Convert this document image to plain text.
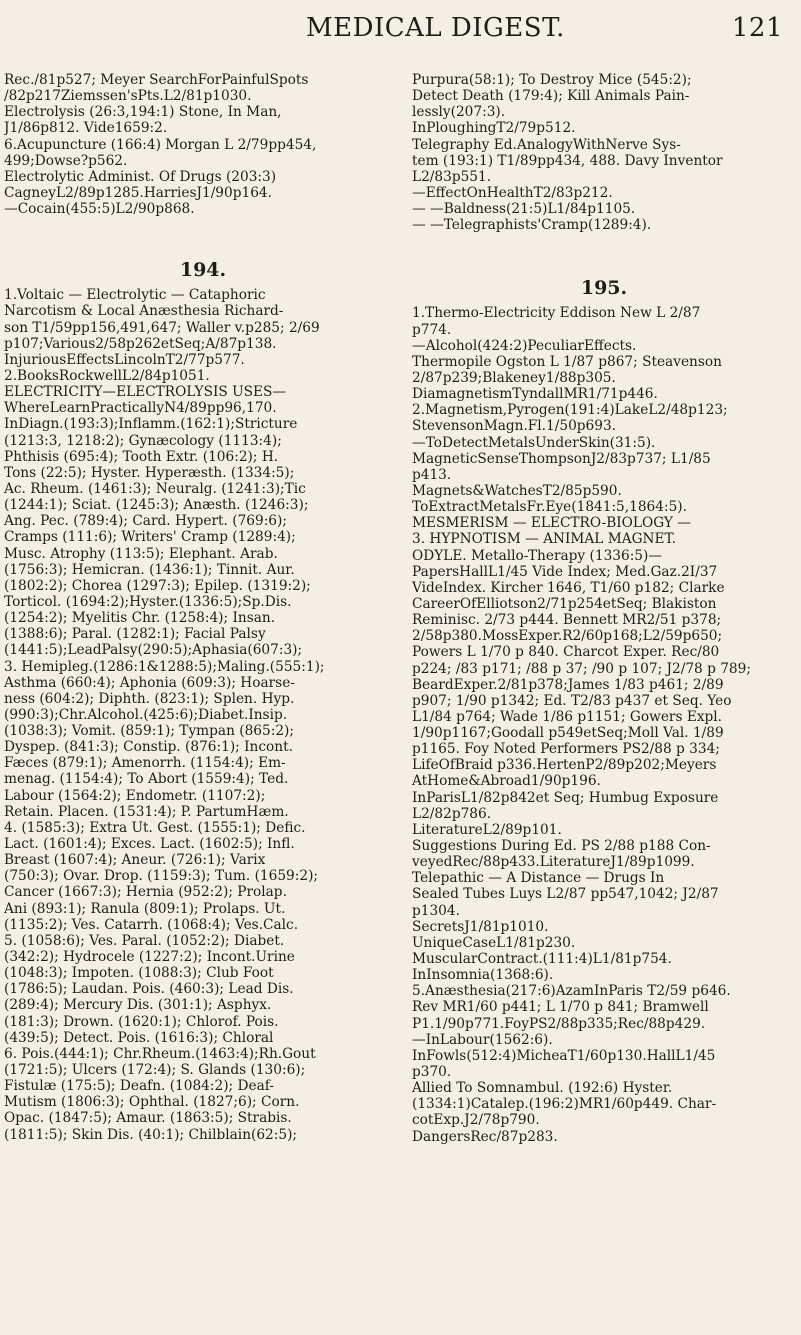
MEDICAL DIGEST.	121
Rec./81p527; Meyer SearchForPainfulSpots
/82p217Ziemssen'sPts.L2/81p1030.
Electrolysis (26:3,194:1) Stone, In Man,
J1/86p812. Vide1659:2.
6.Acupuncture (166:4) Morgan L 2/79pp454,
499;Dowse?p562.
Electrolytic Administ. Of Drugs (203:3)
CagneyL2/89p1285.HarriesJ1/90p164.
—Cocain(455:5)L2/90p868.
194.
1.Voltaic — Electrolytic — Cataphoric
Narcotism & Local Anæsthesia Richard-
son T1/59pp156,491,647; Waller v.p285; 2/69
p107;Various2/58p262etSeq;A/87p138.
InjuriousEffectsLincolnT2/77p577.
2.BooksRockwellL2/84p1051.
ELECTRICITY—ELECTROLYSIS USES—
WhereLearnPracticallyN4/89pp96,170.
InDiagn.(193:3);Inflamm.(162:1);Stricture
(1213:3, 1218:2); Gynæcology (1113:4);
Phthisis (695:4); Tooth Extr. (106:2); H.
Tons (22:5); Hyster. Hyperæsth. (1334:5);
Ac. Rheum. (1461:3); Neuralg. (1241:3);Tic
(1244:1); Sciat. (1245:3); Anæsth. (1246:3);
Ang. Pec. (789:4); Card. Hypert. (769:6);
Cramps (111:6); Writers' Cramp (1289:4);
Musc. Atrophy (113:5); Elephant. Arab.
(1756:3); Hemicran. (1436:1); Tinnit. Aur.
(1802:2); Chorea (1297:3); Epilep. (1319:2);
Torticol. (1694:2);Hyster.(1336:5);Sp.Dis.
(1254:2); Myelitis Chr. (1258:4); Insan.
(1388:6); Paral. (1282:1); Facial Palsy
(1441:5);LeadPalsy(290:5);Aphasia(607:3);
3. Hemipleg.(1286:1&1288:5);Maling.(555:1);
Asthma (660:4); Aphonia (609:3); Hoarse-
ness (604:2); Diphth. (823:1); Splen. Hyp.
(990:3);Chr.Alcohol.(425:6);Diabet.Insip.
(1038:3); Vomit. (859:1); Tympan (865:2);
Dyspep. (841:3); Constip. (876:1); Incont.
Fæces (879:1); Amenorrh. (1154:4); Em-
menag. (1154:4); To Abort (1559:4); Ted.
Labour (1564:2); Endometr. (1107:2);
Retain. Placen. (1531:4); P. PartumHæm.
4. (1585:3); Extra Ut. Gest. (1555:1); Defic.
Lact. (1601:4); Exces. Lact. (1602:5); Infl.
Breast (1607:4); Aneur. (726:1); Varix
(750:3); Ovar. Drop. (1159:3); Tum. (1659:2);
Cancer (1667:3); Hernia (952:2); Prolap.
Ani (893:1); Ranula (809:1); Prolaps. Ut.
(1135:2); Ves. Catarrh. (1068:4); Ves.Calc.
5. (1058:6); Ves. Paral. (1052:2); Diabet.
(342:2); Hydrocele (1227:2); Incont.Urine
(1048:3); Impoten. (1088:3); Club Foot
(1786:5); Laudan. Pois. (460:3); Lead Dis.
(289:4); Mercury Dis. (301:1); Asphyx.
(181:3); Drown. (1620:1); Chlorof. Pois.
(439:5); Detect. Pois. (1616:3); Chloral
6. Pois.(444:1); Chr.Rheum.(1463:4);Rh.Gout
(1721:5); Ulcers (172:4); S. Glands (130:6);
Fistulæ (175:5); Deafn. (1084:2); Deaf-
Mutism (1806:3); Ophthal. (1827;6); Corn.
Opac. (1847:5); Amaur. (1863:5); Strabis.
(1811:5); Skin Dis. (40:1); Chilblain(62:5);
Purpura(58:1); To Destroy Mice (545:2);
Detect Death (179:4); Kill Animals Pain-
lessly(207:3).
InPloughingT2/79p512.
Telegraphy Ed.AnalogyWithNerve Sys-
tem (193:1) T1/89pp434, 488. Davy Inventor
L2/83p551.
—EffectOnHealthT2/83p212.
— —Baldness(21:5)L1/84p1105.
— —Telegraphists'Cramp(1289:4).
195.
1.Thermo-Electricity Eddison New L 2/87
p774.
—Alcohol(424:2)PeculiarEffects.
Thermopile Ogston L 1/87 p867; Steavenson
2/87p239;Blakeney1/88p305.
DiamagnetismTyndallMR1/71p446.
2.Magnetism,Pyrogen(191:4)LakeL2/48p123;
StevensonMagn.Fl.1/50p693.
—ToDetectMetalsUnderSkin(31:5).
MagneticSenseThompsonJ2/83p737; L1/85
p413.
Magnets&WatchesT2/85p590.
ToExtractMetalsFr.Eye(1841:5,1864:5).
MESMERISM — ELECTRO-BIOLOGY —
3. HYPNOTISM — ANIMAL MAGNET.
ODYLE. Metallo-Therapy (1336:5)—
PapersHallL1/45 Vide Index; Med.Gaz.2I/37
VideIndex. Kircher 1646, T1/60 p182; Clarke
CareerOfElliotson2/71p254etSeq; Blakiston
Reminisc. 2/73 p444. Bennett MR2/51 p378;
2/58p380.MossExper.R2/60p168;L2/59p650;
Powers L 1/70 p 840. Charcot Exper. Rec/80
p224; /83 p171; /88 p 37; /90 p 107; J2/78 p 789;
BeardExper.2/81p378;James 1/83 p461; 2/89
p907; 1/90 p1342; Ed. T2/83 p437 et Seq. Yeo
L1/84 p764; Wade 1/86 p1151; Gowers Expl.
1/90p1167;Goodall p549etSeq;Moll Val. 1/89
p1165. Foy Noted Performers PS2/88 p 334;
LifeOfBraid p336.HertenP2/89p202;Meyers
AtHome&Abroad1/90p196.
InParisL1/82p842et Seq; Humbug Exposure
L2/82p786.
LiteratureL2/89p101.
Suggestions During Ed. PS 2/88 p188 Con-
veyedRec/88p433.LiteratureJ1/89p1099.
Telepathic — A Distance — Drugs In
Sealed Tubes Luys L2/87 pp547,1042; J2/87
p1304.
SecretsJ1/81p1010.
UniqueCaseL1/81p230.
MuscularContract.(111:4)L1/81p754.
InInsomnia(1368:6).
5.Anæsthesia(217:6)AzamInParis T2/59 p646.
Rev MR1/60 p441; L 1/70 p 841; Bramwell
P1.1/90p771.FoyPS2/88p335;Rec/88p429.
—InLabour(1562:6).
InFowls(512:4)MicheaT1/60p130.HallL1/45
p370.
Allied To Somnambul. (192:6) Hyster.
(1334:1)Catalep.(196:2)MR1/60p449. Char-
cotExp.J2/78p790.
DangersRec/87p283.
